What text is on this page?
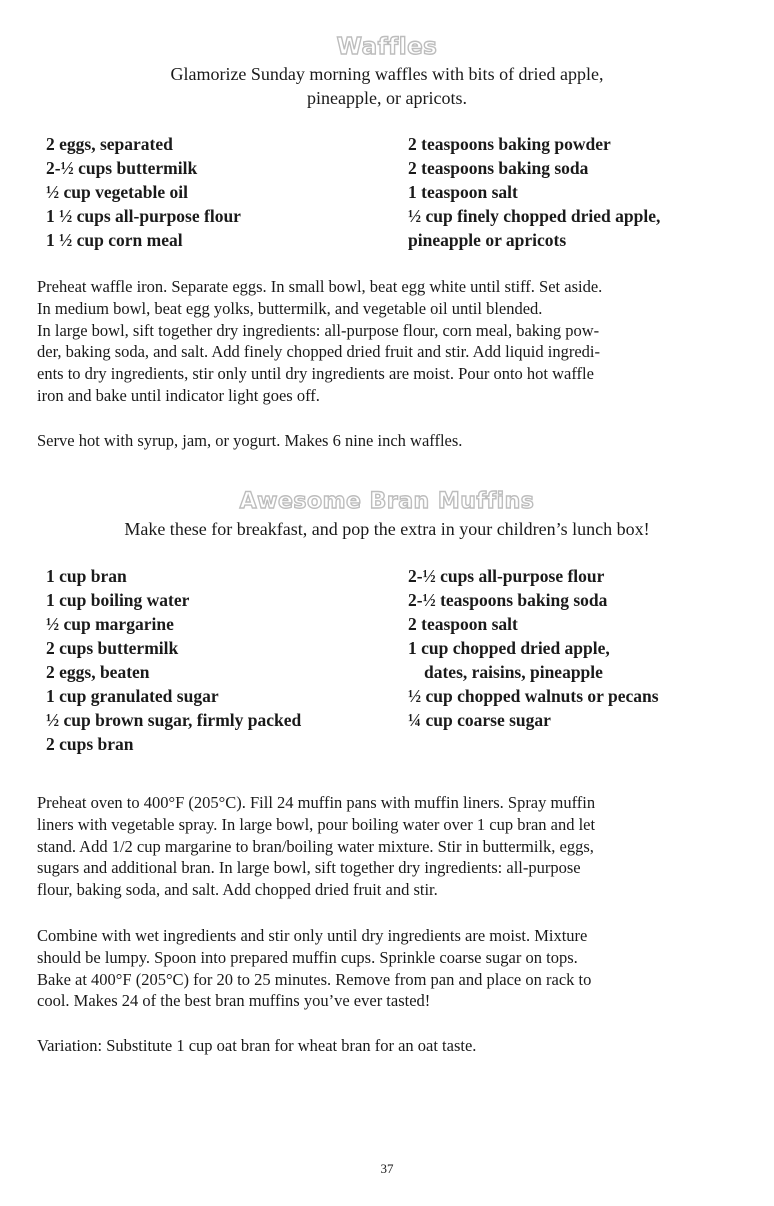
Waffles

Glamorize Sunday morning waffles with bits of dried apple,

pineapple, or apricots.

2 eggs, separated
2-½ cups buttermilk
½ cup vegetable oil
1 ½ cups all-purpose flour
1 ½ cup corn meal
2 teaspoons baking powder
2 teaspoons baking soda
1 teaspoon salt
½ cup finely chopped dried apple,
pineapple or apricots

Preheat waffle iron. Separate eggs. In small bowl, beat egg white until stiff. Set aside.

In medium bowl, beat egg yolks, buttermilk, and vegetable oil until blended.

In large bowl, sift together dry ingredients: all-purpose flour, corn meal, baking pow-

der, baking soda, and salt. Add finely chopped dried fruit and stir. Add liquid ingredi-

ents to dry ingredients, stir only until dry ingredients are moist. Pour onto hot waffle

iron and bake until indicator light goes off.

Serve hot with syrup, jam, or yogurt. Makes 6 nine inch waffles.

Awesome Bran Muffins

Make these for breakfast, and pop the extra in your children’s lunch box!

1 cup bran
1 cup boiling water
½ cup margarine
2 cups buttermilk
2 eggs, beaten
1 cup granulated sugar
½ cup brown sugar, firmly packed
2 cups bran
2-½ cups all-purpose flour
2-½ teaspoons baking soda
2 teaspoon salt
1 cup chopped dried apple,
dates, raisins, pineapple
½ cup chopped walnuts or pecans
¼ cup coarse sugar

Preheat oven to 400°F (205°C). Fill 24 muffin pans with muffin liners. Spray muffin

liners with vegetable spray. In large bowl, pour boiling water over 1 cup bran and let

stand. Add 1/2 cup margarine to bran/boiling water mixture. Stir in buttermilk, eggs,

sugars and additional bran. In large bowl, sift together dry ingredients: all-purpose

flour, baking soda, and salt. Add chopped dried fruit and stir.

Combine with wet ingredients and stir only until dry ingredients are moist. Mixture

should be lumpy. Spoon into prepared muffin cups. Sprinkle coarse sugar on tops.

Bake at 400°F (205°C) for 20 to 25 minutes. Remove from pan and place on rack to

cool. Makes 24 of the best bran muffins you’ve ever tasted!

Variation: Substitute 1 cup oat bran for wheat bran for an oat taste.

37
